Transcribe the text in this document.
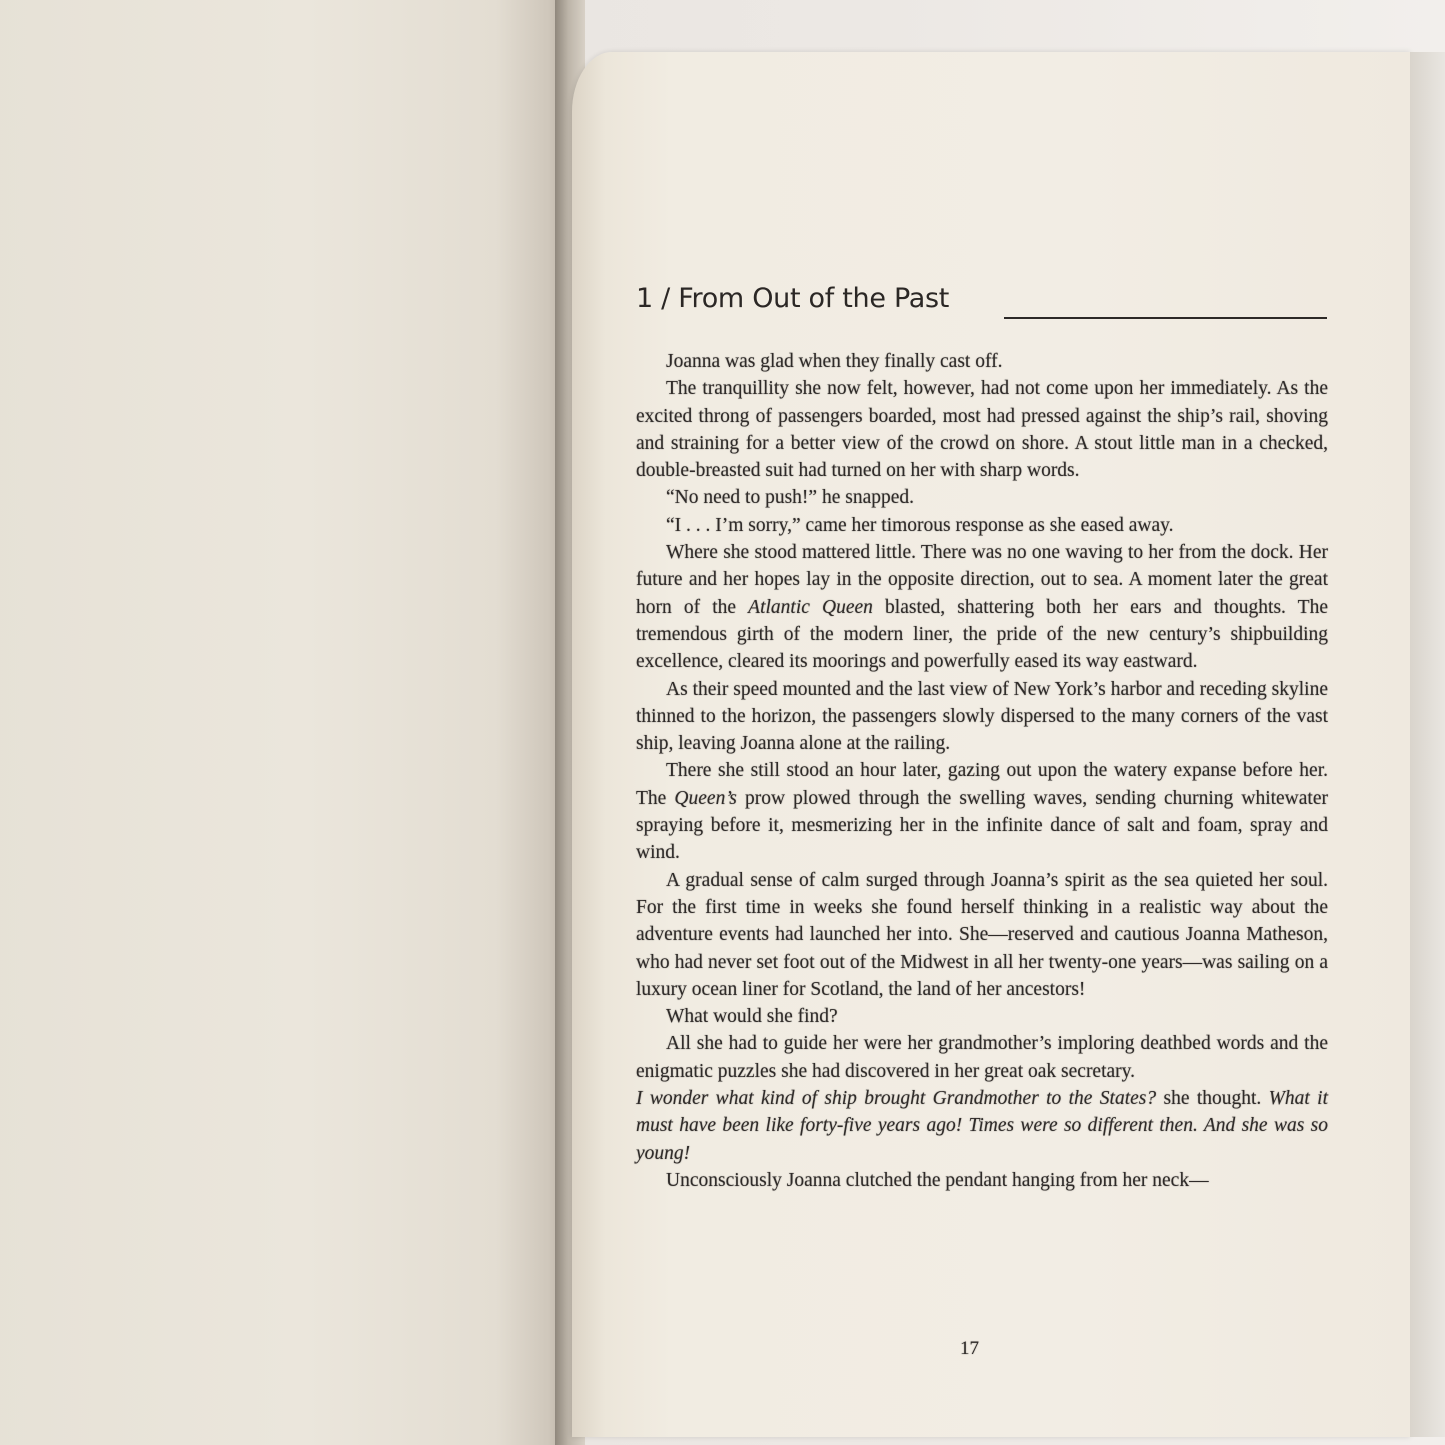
1 / From Out of the Past

Joanna was glad when they finally cast off.

The tranquillity she now felt, however, had not come upon her immediately. As the excited throng of passengers boarded, most had pressed against the ship’s rail, shoving and straining for a better view of the crowd on shore. A stout little man in a checked, double-breasted suit had turned on her with sharp words.

“No need to push!” he snapped.

“I . . . I’m sorry,” came her timorous response as she eased away.

Where she stood mattered little. There was no one waving to her from the dock. Her future and her hopes lay in the opposite direction, out to sea. A moment later the great horn of the Atlantic Queen blasted, shattering both her ears and thoughts. The tremendous girth of the modern liner, the pride of the new century’s shipbuilding excellence, cleared its moorings and powerfully eased its way eastward.

As their speed mounted and the last view of New York’s harbor and receding skyline thinned to the horizon, the passengers slowly dispersed to the many corners of the vast ship, leaving Joanna alone at the railing.

There she still stood an hour later, gazing out upon the watery expanse before her. The Queen’s prow plowed through the swelling waves, sending churning whitewater spraying before it, mesmerizing her in the infinite dance of salt and foam, spray and wind.

A gradual sense of calm surged through Joanna’s spirit as the sea quieted her soul. For the first time in weeks she found herself thinking in a realistic way about the adventure events had launched her into. She—reserved and cautious Joanna Matheson, who had never set foot out of the Midwest in all her twenty-one years—was sailing on a luxury ocean liner for Scotland, the land of her ancestors!

What would she find?

All she had to guide her were her grandmother’s imploring deathbed words and the enigmatic puzzles she had discovered in her great oak secretary.

I wonder what kind of ship brought Grandmother to the States? she thought. What it must have been like forty-five years ago! Times were so different then. And she was so young!

Unconsciously Joanna clutched the pendant hanging from her neck—

17
